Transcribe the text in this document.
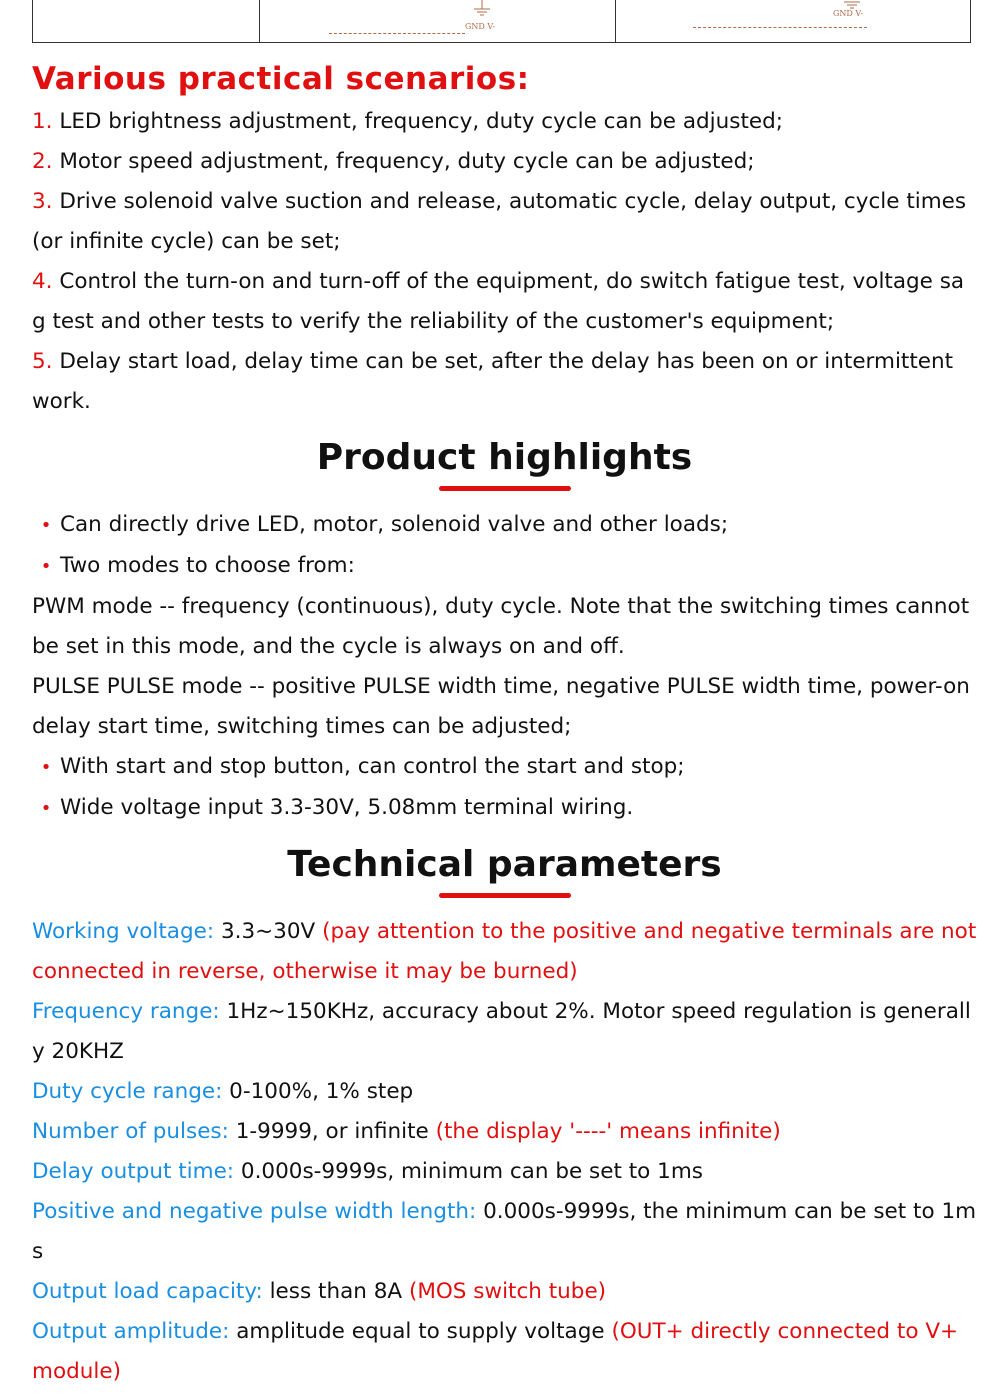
GND V-
GND V-
Various practical scenarios:

1. LED brightness adjustment, frequency, duty cycle can be adjusted;

2. Motor speed adjustment, frequency, duty cycle can be adjusted;

3. Drive solenoid valve suction and release, automatic cycle, delay output, cycle times (or infinite cycle) can be set;

4. Control the turn-on and turn-off of the equipment, do switch fatigue test, voltage sag test and other tests to verify the reliability of the customer's equipment;

5. Delay start load, delay time can be set, after the delay has been on or intermittent work.

Product highlights

• Can directly drive LED, motor, solenoid valve and other loads;

• Two modes to choose from:

PWM mode -- frequency (continuous), duty cycle. Note that the switching times cannot be set in this mode, and the cycle is always on and off.

PULSE PULSE mode -- positive PULSE width time, negative PULSE width time, power-on delay start time, switching times can be adjusted;

• With start and stop button, can control the start and stop;

• Wide voltage input 3.3-30V, 5.08mm terminal wiring.

Technical parameters

Working voltage: 3.3~30V (pay attention to the positive and negative terminals are not connected in reverse, otherwise it may be burned)

Frequency range: 1Hz~150KHz, accuracy about 2%. Motor speed regulation is generally 20KHZ

Duty cycle range: 0-100%, 1% step

Number of pulses: 1-9999, or infinite (the display '----' means infinite)

Delay output time: 0.000s-9999s, minimum can be set to 1ms

Positive and negative pulse width length: 0.000s-9999s, the minimum can be set to 1ms

Output load capacity: less than 8A (MOS switch tube)

Output amplitude: amplitude equal to supply voltage (OUT+ directly connected to V+ module)
